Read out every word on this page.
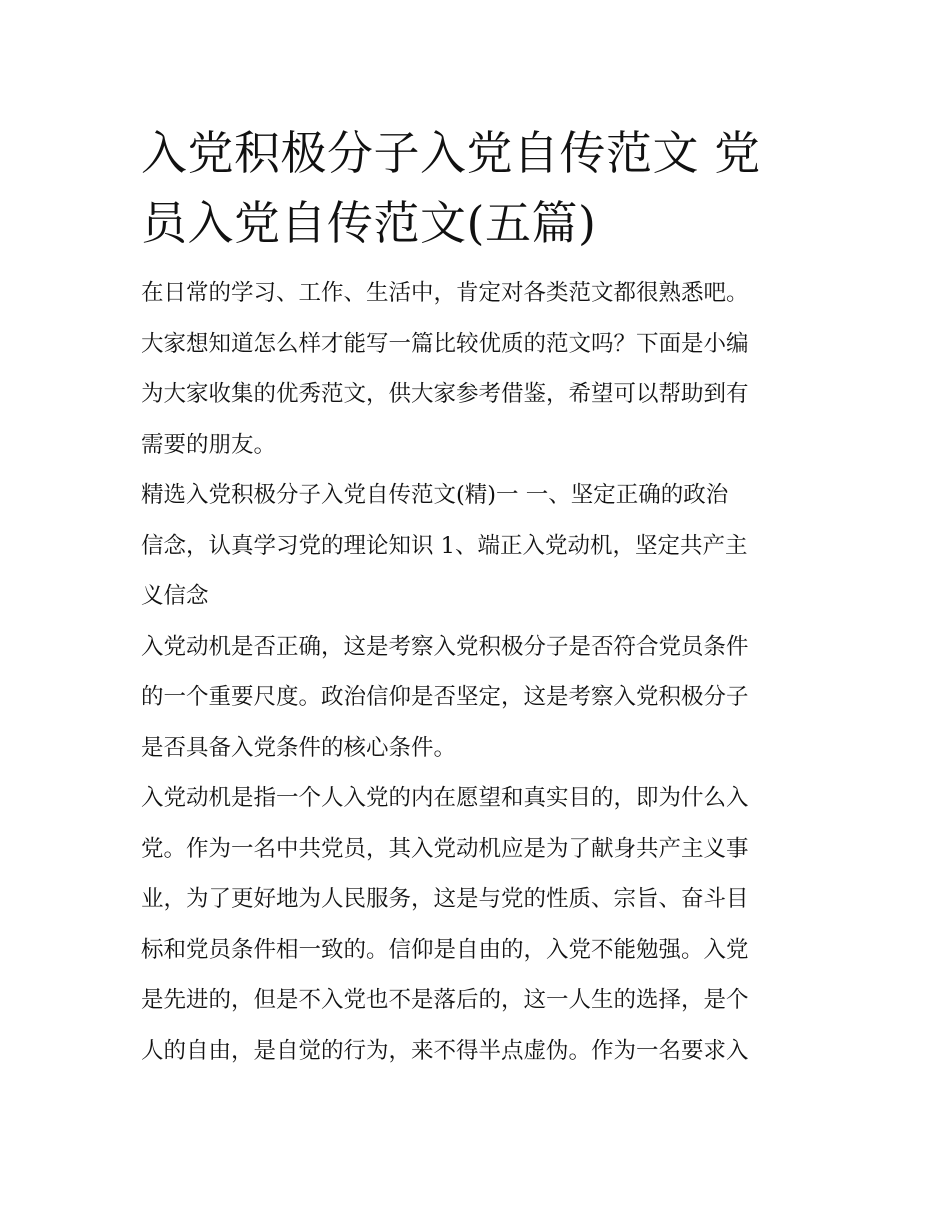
入党积极分子入党自传范文 党
员入党自传范文(五篇)

在日常的学习、工作、生活中，肯定对各类范文都很熟悉吧。
大家想知道怎么样才能写一篇比较优质的范文吗？下面是小编
为大家收集的优秀范文，供大家参考借鉴，希望可以帮助到有
需要的朋友。

精选入党积极分子入党自传范文(精)一 一、坚定正确的政治
信念，认真学习党的理论知识 1、端正入党动机，坚定共产主
义信念

入党动机是否正确，这是考察入党积极分子是否符合党员条件
的一个重要尺度。政治信仰是否坚定，这是考察入党积极分子
是否具备入党条件的核心条件。

入党动机是指一个人入党的内在愿望和真实目的，即为什么入
党。作为一名中共党员，其入党动机应是为了献身共产主义事
业，为了更好地为人民服务，这是与党的性质、宗旨、奋斗目
标和党员条件相一致的。信仰是自由的，入党不能勉强。入党
是先进的，但是不入党也不是落后的，这一人生的选择，是个
人的自由，是自觉的行为，来不得半点虚伪。作为一名要求入
